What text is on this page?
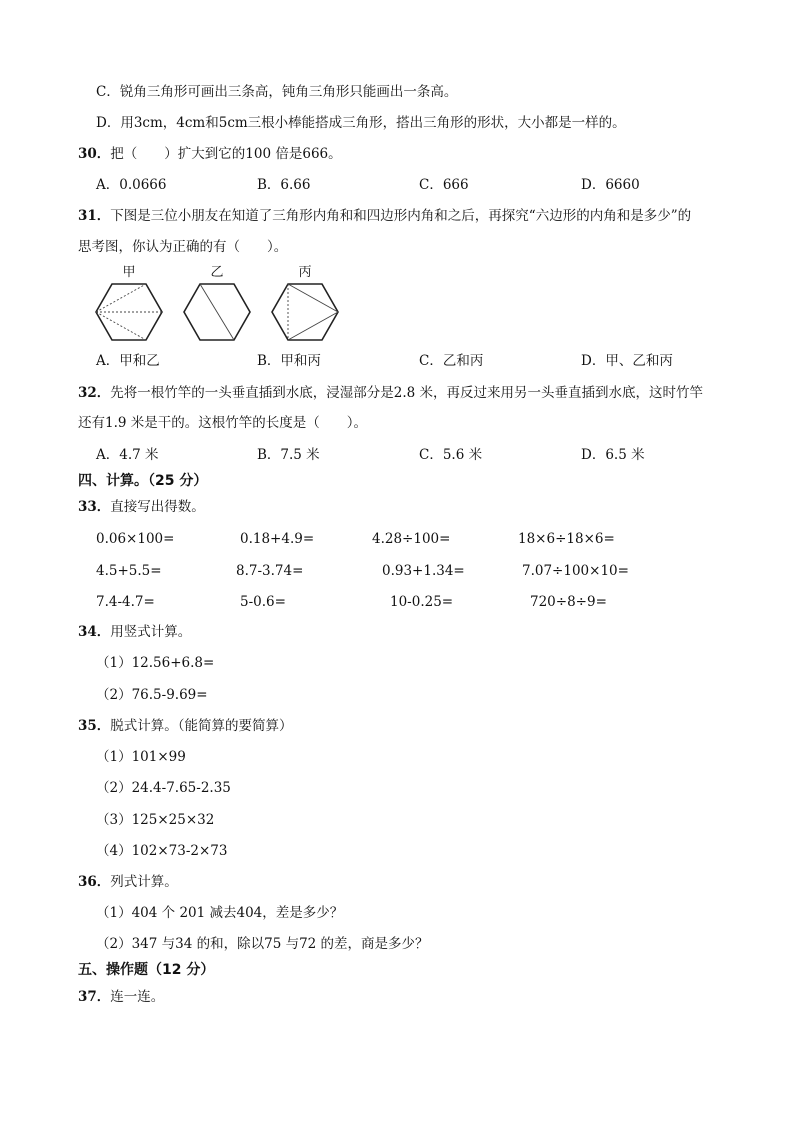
C．锐角三角形可画出三条高，钝角三角形只能画出一条高。
D．用3cm，4cm和5cm三根小棒能搭成三角形，搭出三角形的形状，大小都是一样的。
30．把（　　）扩大到它的100 倍是666。
A．0.0666	B．6.66	C．666	D．6660
31．下图是三位小朋友在知道了三角形内角和和四边形内角和之后，再探究“六边形的内角和是多少”的
思考图，你认为正确的有（　　）。
甲	乙	丙
A．甲和乙	B．甲和丙	C．乙和丙	D．甲、乙和丙
32．先将一根竹竿的一头垂直插到水底，浸湿部分是2.8 米，再反过来用另一头垂直插到水底，这时竹竿
还有1.9 米是干的。这根竹竿的长度是（　　）。
A．4.7 米	B．7.5 米	C．5.6 米	D．6.5 米
四、计算。（25 分）
33．直接写出得数。
0.06×100=	0.18+4.9=	4.28÷100=	18×6÷18×6=
4.5+5.5=	8.7-3.74=	0.93+1.34=	7.07÷100×10=
7.4-4.7=	5-0.6=	10-0.25=	720÷8÷9=
34．用竖式计算。
（1）12.56+6.8=
（2）76.5-9.69=
35．脱式计算。（能简算的要简算）
（1）101×99
（2）24.4-7.65-2.35
（3）125×25×32
（4）102×73-2×73
36．列式计算。
（1）404 个 201 减去404，差是多少？
（2）347 与34 的和，除以75 与72 的差，商是多少？
五、操作题（12 分）
37．连一连。
